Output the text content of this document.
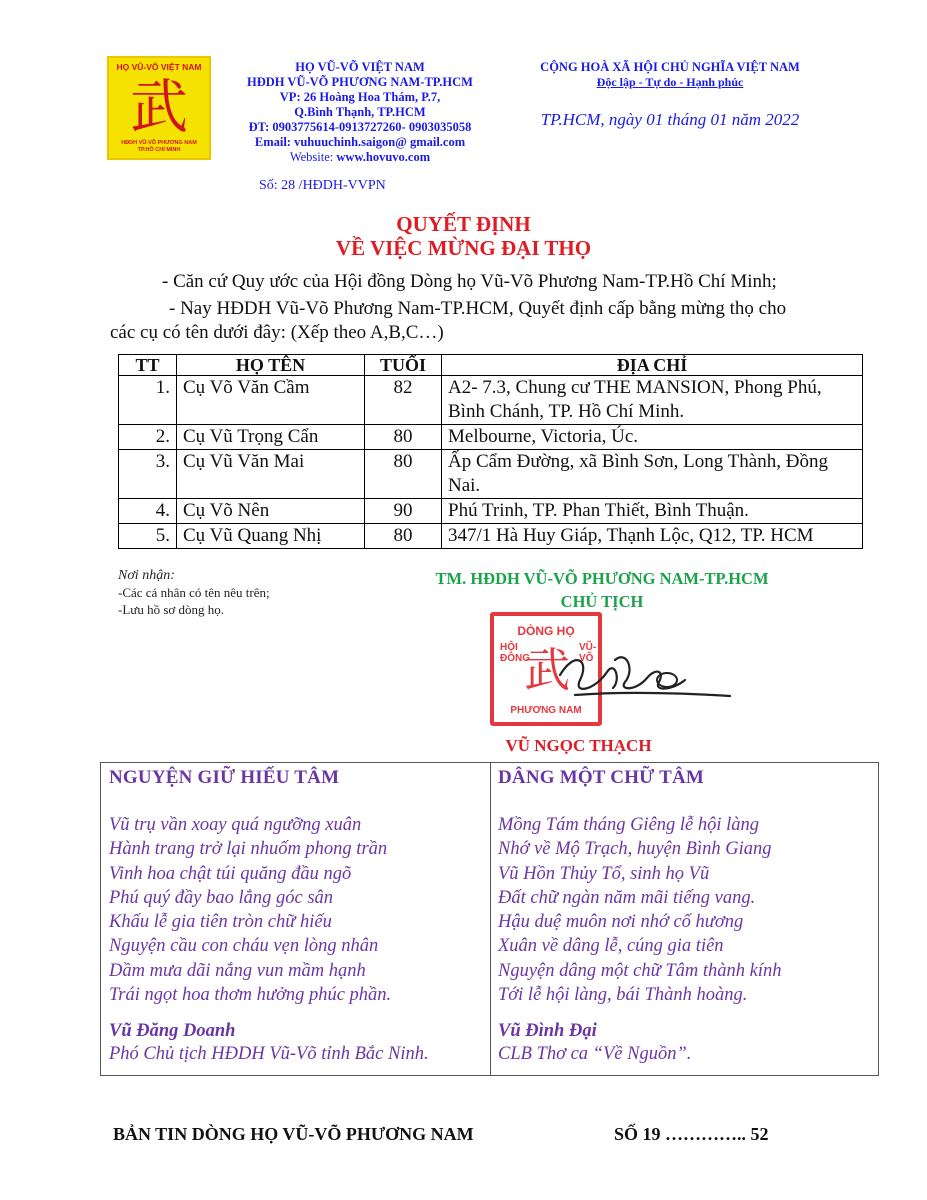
HỌ VŨ-VÕ VIỆT NAM
武
HĐDH VŨ-VÕ PHƯƠNG NAM
TP.HỒ CHÍ MINH
HỌ VŨ-VÕ VIỆT NAM
HĐDH VŨ-VÕ PHƯƠNG NAM-TP.HCM
VP: 26 Hoàng Hoa Thám, P.7,
Q.Bình Thạnh, TP.HCM
ĐT: 0903775614-0913727260- 0903035058
Email: vuhuuchinh.saigon@ gmail.com
Website: www.hovuvo.com
Số: 28 /HĐDH-VVPN
CỘNG HOÀ XÃ HỘI CHỦ NGHĨA VIỆT NAM
Độc lập - Tự do - Hạnh phúc
TP.HCM, ngày 01 tháng 01 năm 2022
QUYẾT ĐỊNH
VỀ VIỆC MỪNG ĐẠI THỌ
- Căn cứ Quy ước của Hội đồng Dòng họ Vũ-Võ Phương Nam-TP.Hồ Chí Minh;
- Nay HĐDH Vũ-Võ Phương Nam-TP.HCM, Quyết định cấp bằng mừng thọ cho
các cụ có tên dưới đây: (Xếp theo A,B,C…)
TT	HỌ TÊN	TUỔI	ĐỊA CHỈ
1.	Cụ Võ Văn Cầm	82	A2- 7.3, Chung cư THE MANSION, Phong Phú, Bình Chánh, TP. Hồ Chí Minh.
2.	Cụ Vũ Trọng Cẩn	80	Melbourne, Victoria, Úc.
3.	Cụ Vũ Văn Mai	80	Ấp Cẩm Đường, xã Bình Sơn, Long Thành, Đồng Nai.
4.	Cụ Võ Nên	90	Phú Trinh, TP. Phan Thiết, Bình Thuận.
5.	Cụ Vũ Quang Nhị	80	347/1 Hà Huy Giáp, Thạnh Lộc, Q12, TP. HCM
Nơi nhận:
-Các cá nhân có tên nêu trên;
-Lưu hồ sơ dòng họ.
TM. HĐDH VŨ-VÕ PHƯƠNG NAM-TP.HCM
CHỦ TỊCH
DÒNG HỌ
HỘI ĐỒNG
武 VŨ-VÕ
PHƯƠNG NAM
VŨ NGỌC THẠCH
NGUYỆN GIỮ HIẾU TÂM
Vũ trụ vần xoay quá ngưỡng xuân
Hành trang trở lại nhuốm phong trần
Vinh hoa chật túi quăng đầu ngõ
Phú quý đầy bao lẳng góc sân
Khấu lễ gia tiên tròn chữ hiếu
Nguyện cầu con cháu vẹn lòng nhân
Dầm mưa dãi nắng vun mầm hạnh
Trái ngọt hoa thơm hưởng phúc phần.
Vũ Đăng Doanh
Phó Chủ tịch HĐDH Vũ-Võ tỉnh Bắc Ninh.
DÂNG MỘT CHỮ TÂM
Mồng Tám tháng Giêng lễ hội làng
Nhớ về Mộ Trạch, huyện Bình Giang
Vũ Hồn Thủy Tổ, sinh họ Vũ
Đất chữ ngàn năm mãi tiếng vang.
Hậu duệ muôn nơi nhớ cố hương
Xuân về dâng lễ, cúng gia tiên
Nguyện dâng một chữ Tâm thành kính
Tới lễ hội làng, bái Thành hoàng.
Vũ Đình Đại
CLB Thơ ca “Về Nguồn”.
BẢN TIN DÒNG HỌ VŨ-VÕ PHƯƠNG NAM	SỐ 19 ………….. 52
